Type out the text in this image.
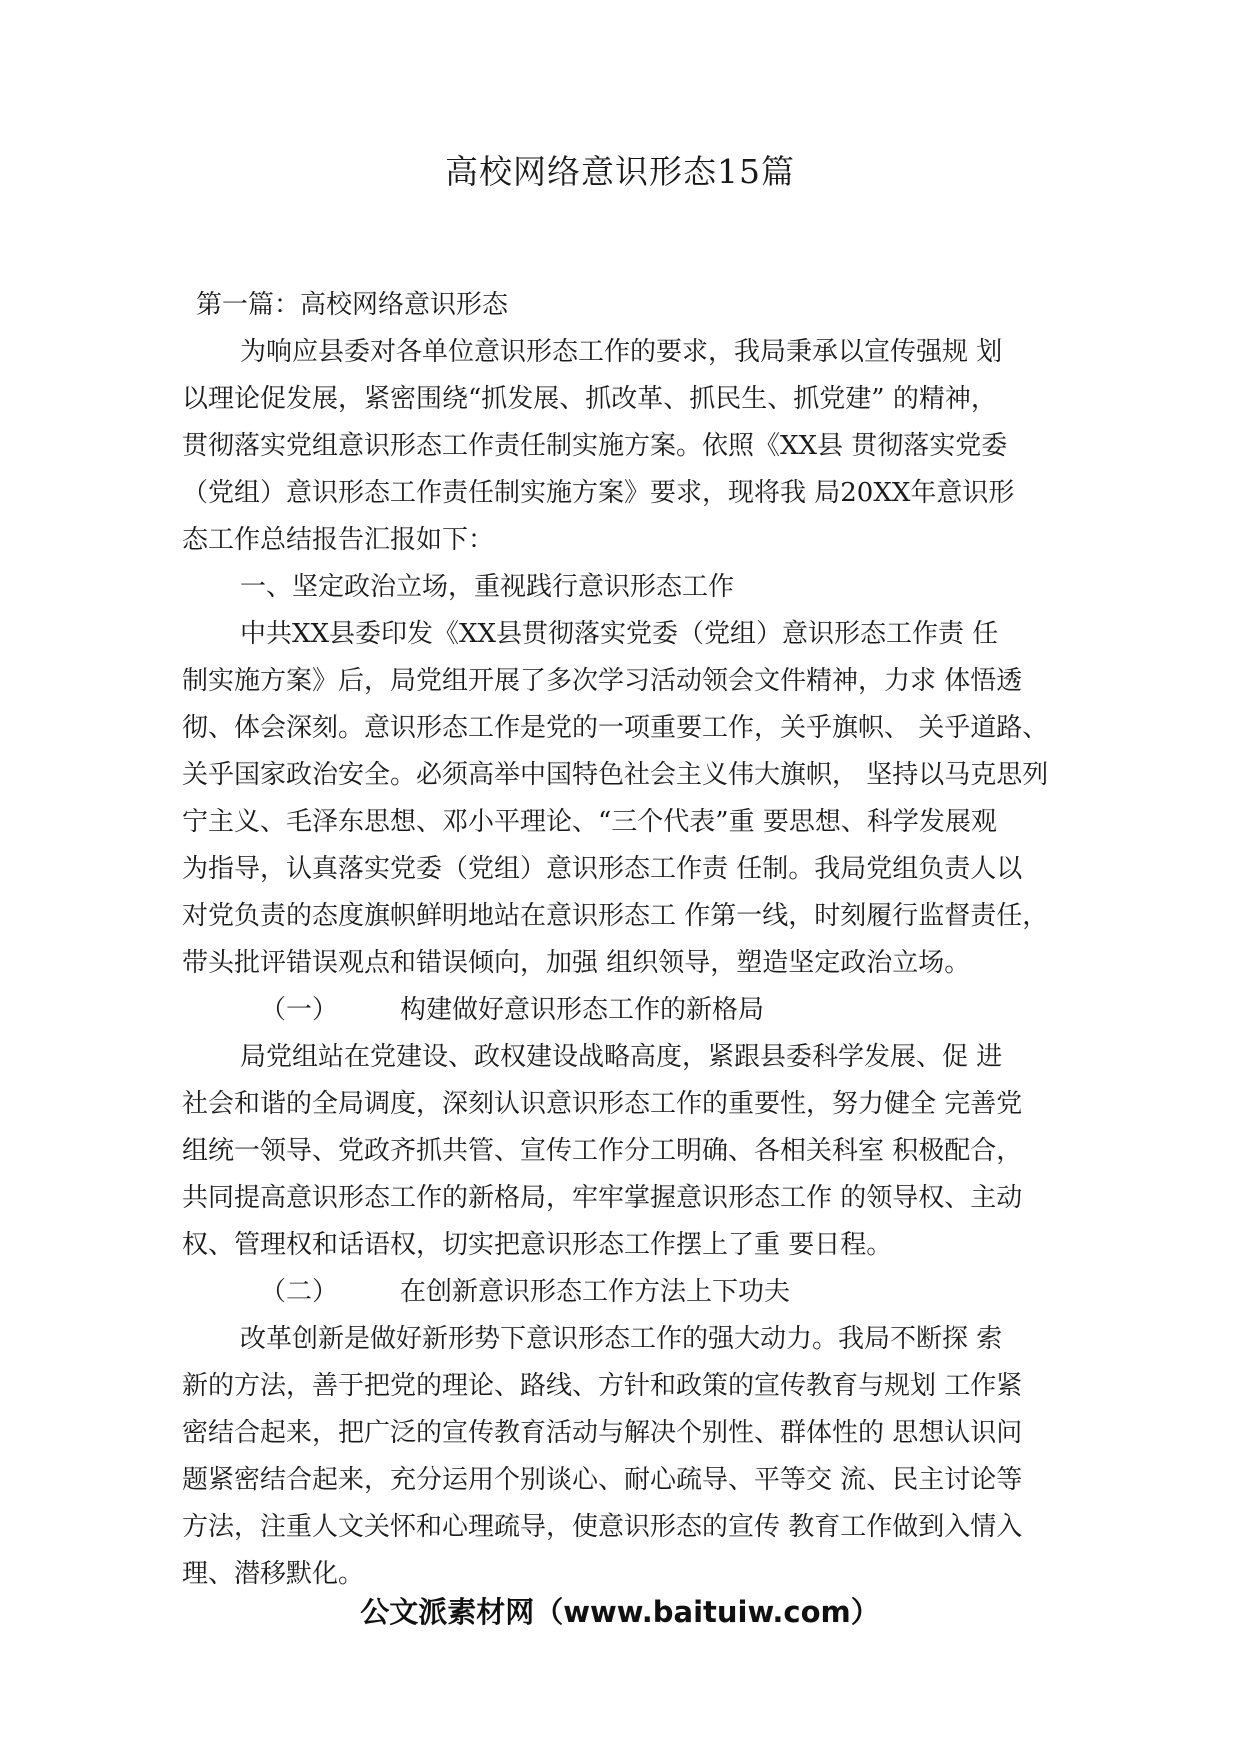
高校网络意识形态15篇
第一篇：高校网络意识形态
为响应县委对各单位意识形态工作的要求，我局秉承以宣传强规 划
以理论促发展，紧密围绕“抓发展、抓改革、抓民生、抓党建” 的精神，
贯彻落实党组意识形态工作责任制实施方案。依照《XX县 贯彻落实党委
（党组）意识形态工作责任制实施方案》要求，现将我 局20XX年意识形
态工作总结报告汇报如下：
一、坚定政治立场，重视践行意识形态工作
中共XX县委印发《XX县贯彻落实党委（党组）意识形态工作责 任
制实施方案》后，局党组开展了多次学习活动领会文件精神，力求 体悟透
彻、体会深刻。意识形态工作是党的一项重要工作，关乎旗帜、 关乎道路、
关乎国家政治安全。必须高举中国特色社会主义伟大旗帜， 坚持以马克思列
宁主义、毛泽东思想、邓小平理论、“三个代表”重 要思想、科学发展观
为指导，认真落实党委（党组）意识形态工作责 任制。我局党组负责人以
对党负责的态度旗帜鲜明地站在意识形态工 作第一线，时刻履行监督责任，
带头批评错误观点和错误倾向，加强 组织领导，塑造坚定政治立场。
（一） 构建做好意识形态工作的新格局
局党组站在党建设、政权建设战略高度，紧跟县委科学发展、促 进
社会和谐的全局调度，深刻认识意识形态工作的重要性，努力健全 完善党
组统一领导、党政齐抓共管、宣传工作分工明确、各相关科室 积极配合，
共同提高意识形态工作的新格局，牢牢掌握意识形态工作 的领导权、主动
权、管理权和话语权，切实把意识形态工作摆上了重 要日程。
（二） 在创新意识形态工作方法上下功夫
改革创新是做好新形势下意识形态工作的强大动力。我局不断探 索
新的方法，善于把党的理论、路线、方针和政策的宣传教育与规划 工作紧
密结合起来，把广泛的宣传教育活动与解决个别性、群体性的 思想认识问
题紧密结合起来，充分运用个别谈心、耐心疏导、平等交 流、民主讨论等
方法，注重人文关怀和心理疏导，使意识形态的宣传 教育工作做到入情入
理、潜移默化。
公文派素材网（www.baituiw.com）
